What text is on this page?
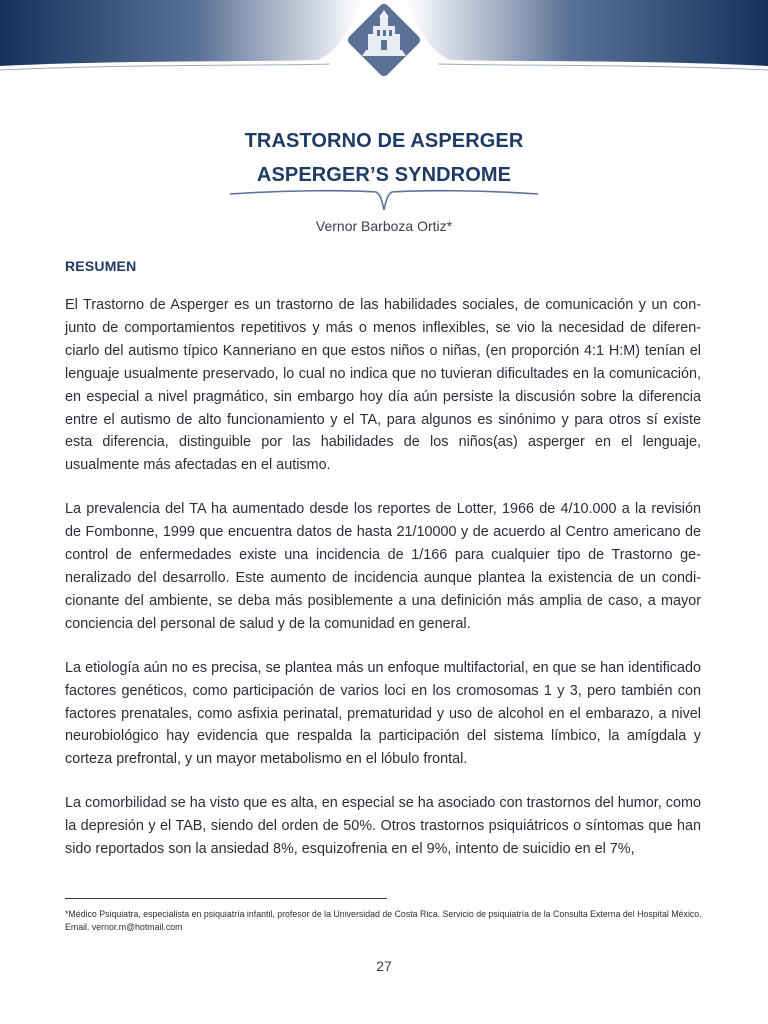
TRASTORNO DE ASPERGER
ASPERGER’S SYNDROME
Vernor Barboza Ortiz*
RESUMEN

El Trastorno de Asperger es un trastorno de las habilidades sociales, de comunicación y un conjunto de comportamientos repetitivos y más o menos inflexibles, se vio la necesidad de diferenciarlo del autismo típico Kanneriano en que estos niños o niñas, (en proporción 4:1 H:M) tenían el lenguaje usualmente preservado, lo cual no indica que no tuvieran dificultades en la comunicación, en especial a nivel pragmático, sin embargo hoy día aún persiste la discusión sobre la diferencia entre el autismo de alto funcionamiento y el TA, para algunos es sinónimo y para otros sí existe esta diferencia, distinguible por las habilidades de los niños(as) asperger en el lenguaje, usualmente más afectadas en el autismo.

La prevalencia del TA ha aumentado desde los reportes de Lotter, 1966 de 4/10.000 a la revisión de Fombonne, 1999 que encuentra datos de hasta 21/10000 y de acuerdo al Centro americano de control de enfermedades existe una incidencia de 1/166 para cualquier tipo de Trastorno generalizado del desarrollo. Este aumento de incidencia aunque plantea la existencia de un condicionante del ambiente, se deba más posiblemente a una definición más amplia de caso, a mayor conciencia del personal de salud y de la comunidad en general.

La etiología aún no es precisa, se plantea más un enfoque multifactorial, en que se han identificado factores genéticos, como participación de varios loci en los cromosomas 1 y 3, pero también con factores prenatales, como asfixia perinatal, prematuridad y uso de alcohol en el embarazo, a nivel neurobiológico hay evidencia que respalda la participación del sistema límbico, la amígdala y corteza prefrontal, y un mayor metabolismo en el lóbulo frontal.

La comorbilidad se ha visto que es alta, en especial se ha asociado con trastornos del humor, como la depresión y el TAB, siendo del orden de 50%. Otros trastornos psiquiátricos o síntomas que han sido reportados son la ansiedad 8%, esquizofrenia en el 9%, intento de suicidio en el 7%,

*Médico Psiquiatra, especialista en psiquiatría infantil, profesor de la Universidad de Costa Rica. Servicio de psiquiatría de la Consulta Externa del Hospital México. Email. vernor.m@hotmail.com
27
